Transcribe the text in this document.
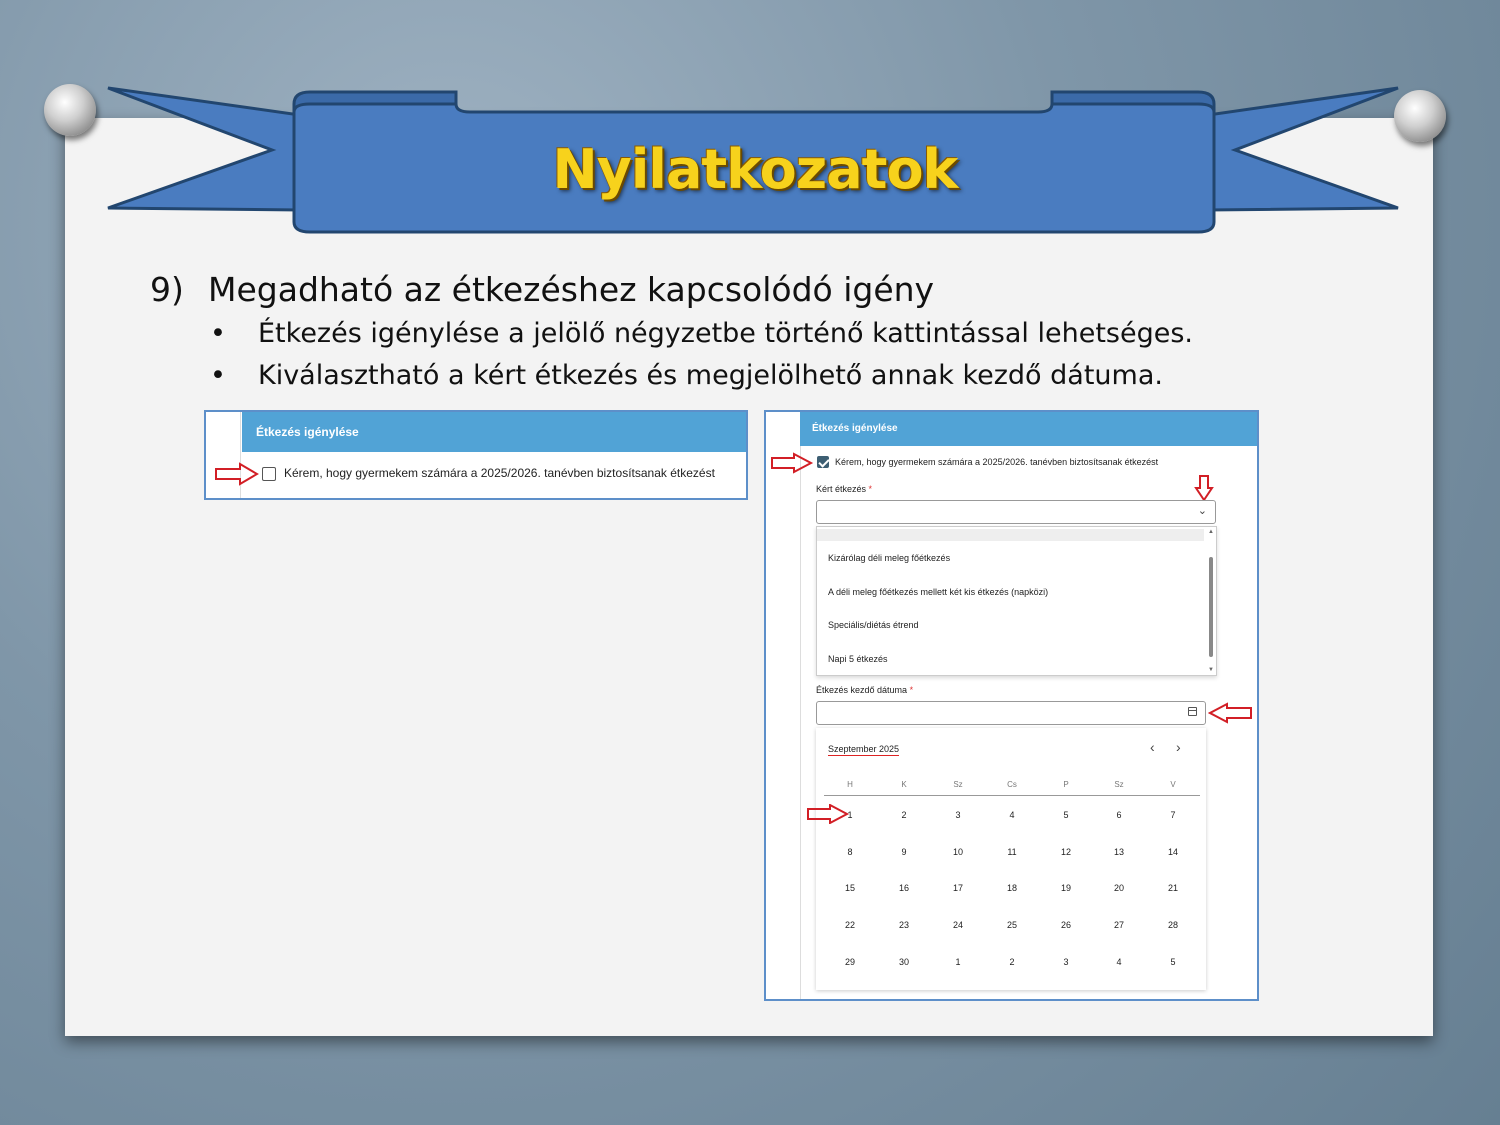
Nyilatkozatok
9) Megadható az étkezéshez kapcsolódó igény
• Étkezés igénylése a jelölő négyzetbe történő kattintással lehetséges.
• Kiválasztható a kért étkezés és megjelölhető annak kezdő dátuma.
Étkezés igénylése
Kérem, hogy gyermekem számára a 2025/2026. tanévben biztosítsanak étkezést
Étkezés igénylése
Kérem, hogy gyermekem számára a 2025/2026. tanévben biztosítsanak étkezést
Kért étkezés *
⌄
Kizárólag déli meleg főétkezés
A déli meleg főétkezés mellett két kis étkezés (napközi)
Speciális/diétás étrend
Napi 5 étkezés
▲
▼
Étkezés kezdő dátuma *
Szeptember 2025	‹ ›
H	K	Sz	Cs	P	Sz	V
1	2	3	4	5	6	7
8	9	10	11	12	13	14
15	16	17	18	19	20	21
22	23	24	25	26	27	28
29	30	1	2	3	4	5
